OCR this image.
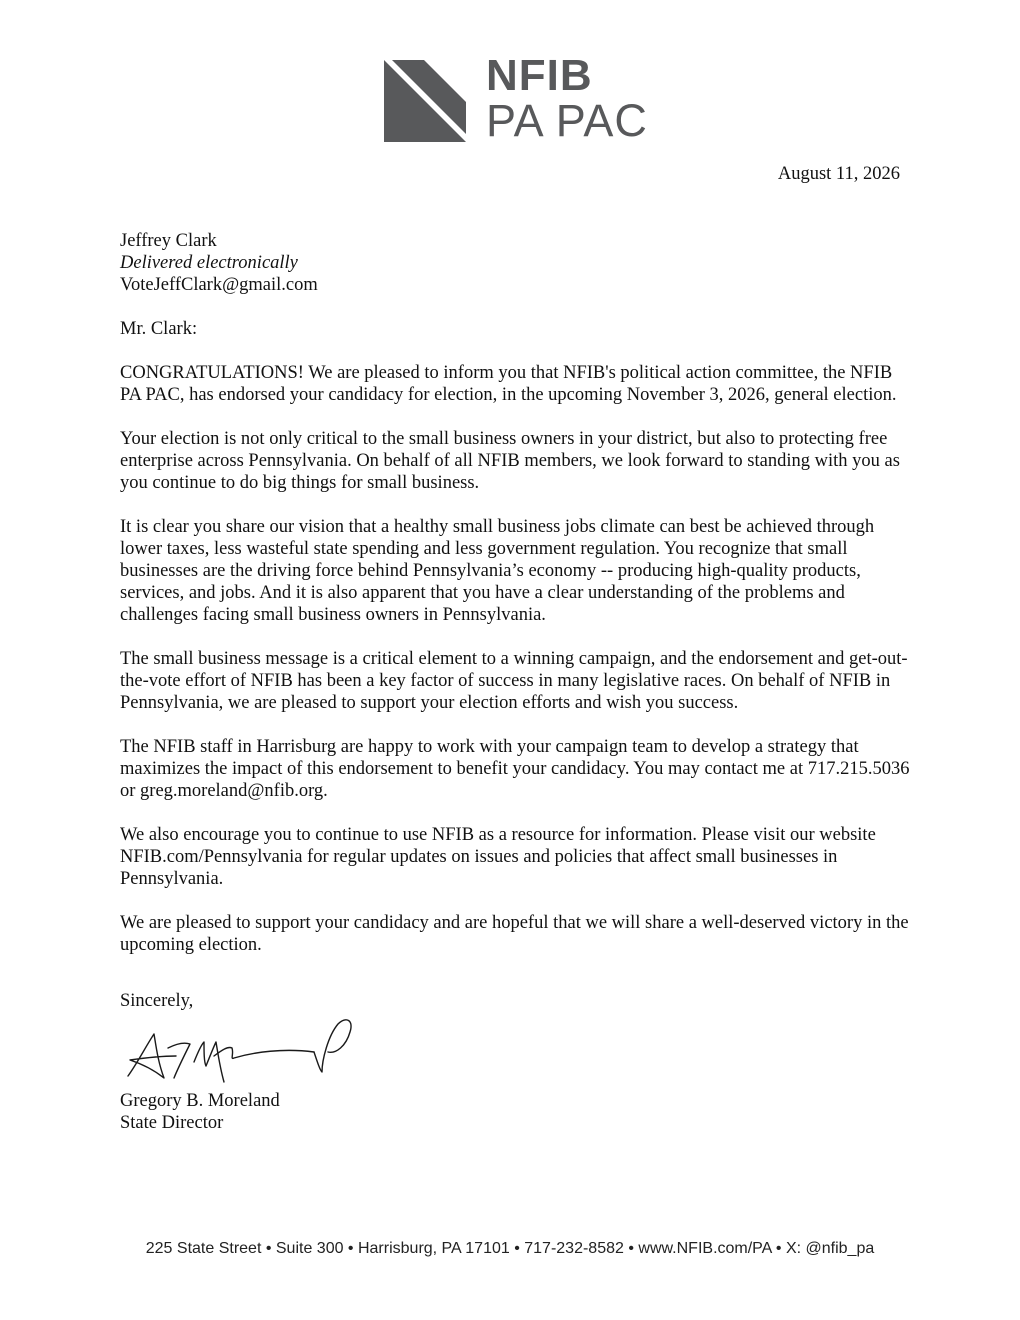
NFIB
PA PAC
August 11, 2026

Jeffrey Clark
Delivered electronically
VoteJeffClark@gmail.com

Mr. Clark:

CONGRATULATIONS! We are pleased to inform you that NFIB's political action committee, the NFIB PA PAC, has endorsed your candidacy for election, in the upcoming November 3, 2026, general election.

Your election is not only critical to the small business owners in your district, but also to protecting free enterprise across Pennsylvania. On behalf of all NFIB members, we look forward to standing with you as you continue to do big things for small business.

It is clear you share our vision that a healthy small business jobs climate can best be achieved through lower taxes, less wasteful state spending and less government regulation. You recognize that small businesses are the driving force behind Pennsylvania’s economy -- producing high-quality products, services, and jobs. And it is also apparent that you have a clear understanding of the problems and challenges facing small business owners in Pennsylvania.

The small business message is a critical element to a winning campaign, and the endorsement and get-out-the-vote effort of NFIB has been a key factor of success in many legislative races. On behalf of NFIB in Pennsylvania, we are pleased to support your election efforts and wish you success.

The NFIB staff in Harrisburg are happy to work with your campaign team to develop a strategy that maximizes the impact of this endorsement to benefit your candidacy. You may contact me at 717.215.5036 or greg.moreland@nfib.org.

We also encourage you to continue to use NFIB as a resource for information. Please visit our website NFIB.com/Pennsylvania for regular updates on issues and policies that affect small businesses in Pennsylvania.

We are pleased to support your candidacy and are hopeful that we will share a well-deserved victory in the upcoming election.

Sincerely,

Gregory B. Moreland
State Director
225 State Street • Suite 300 • Harrisburg, PA 17101 • 717-232-8582 • www.NFIB.com/PA • X: @nfib_pa
